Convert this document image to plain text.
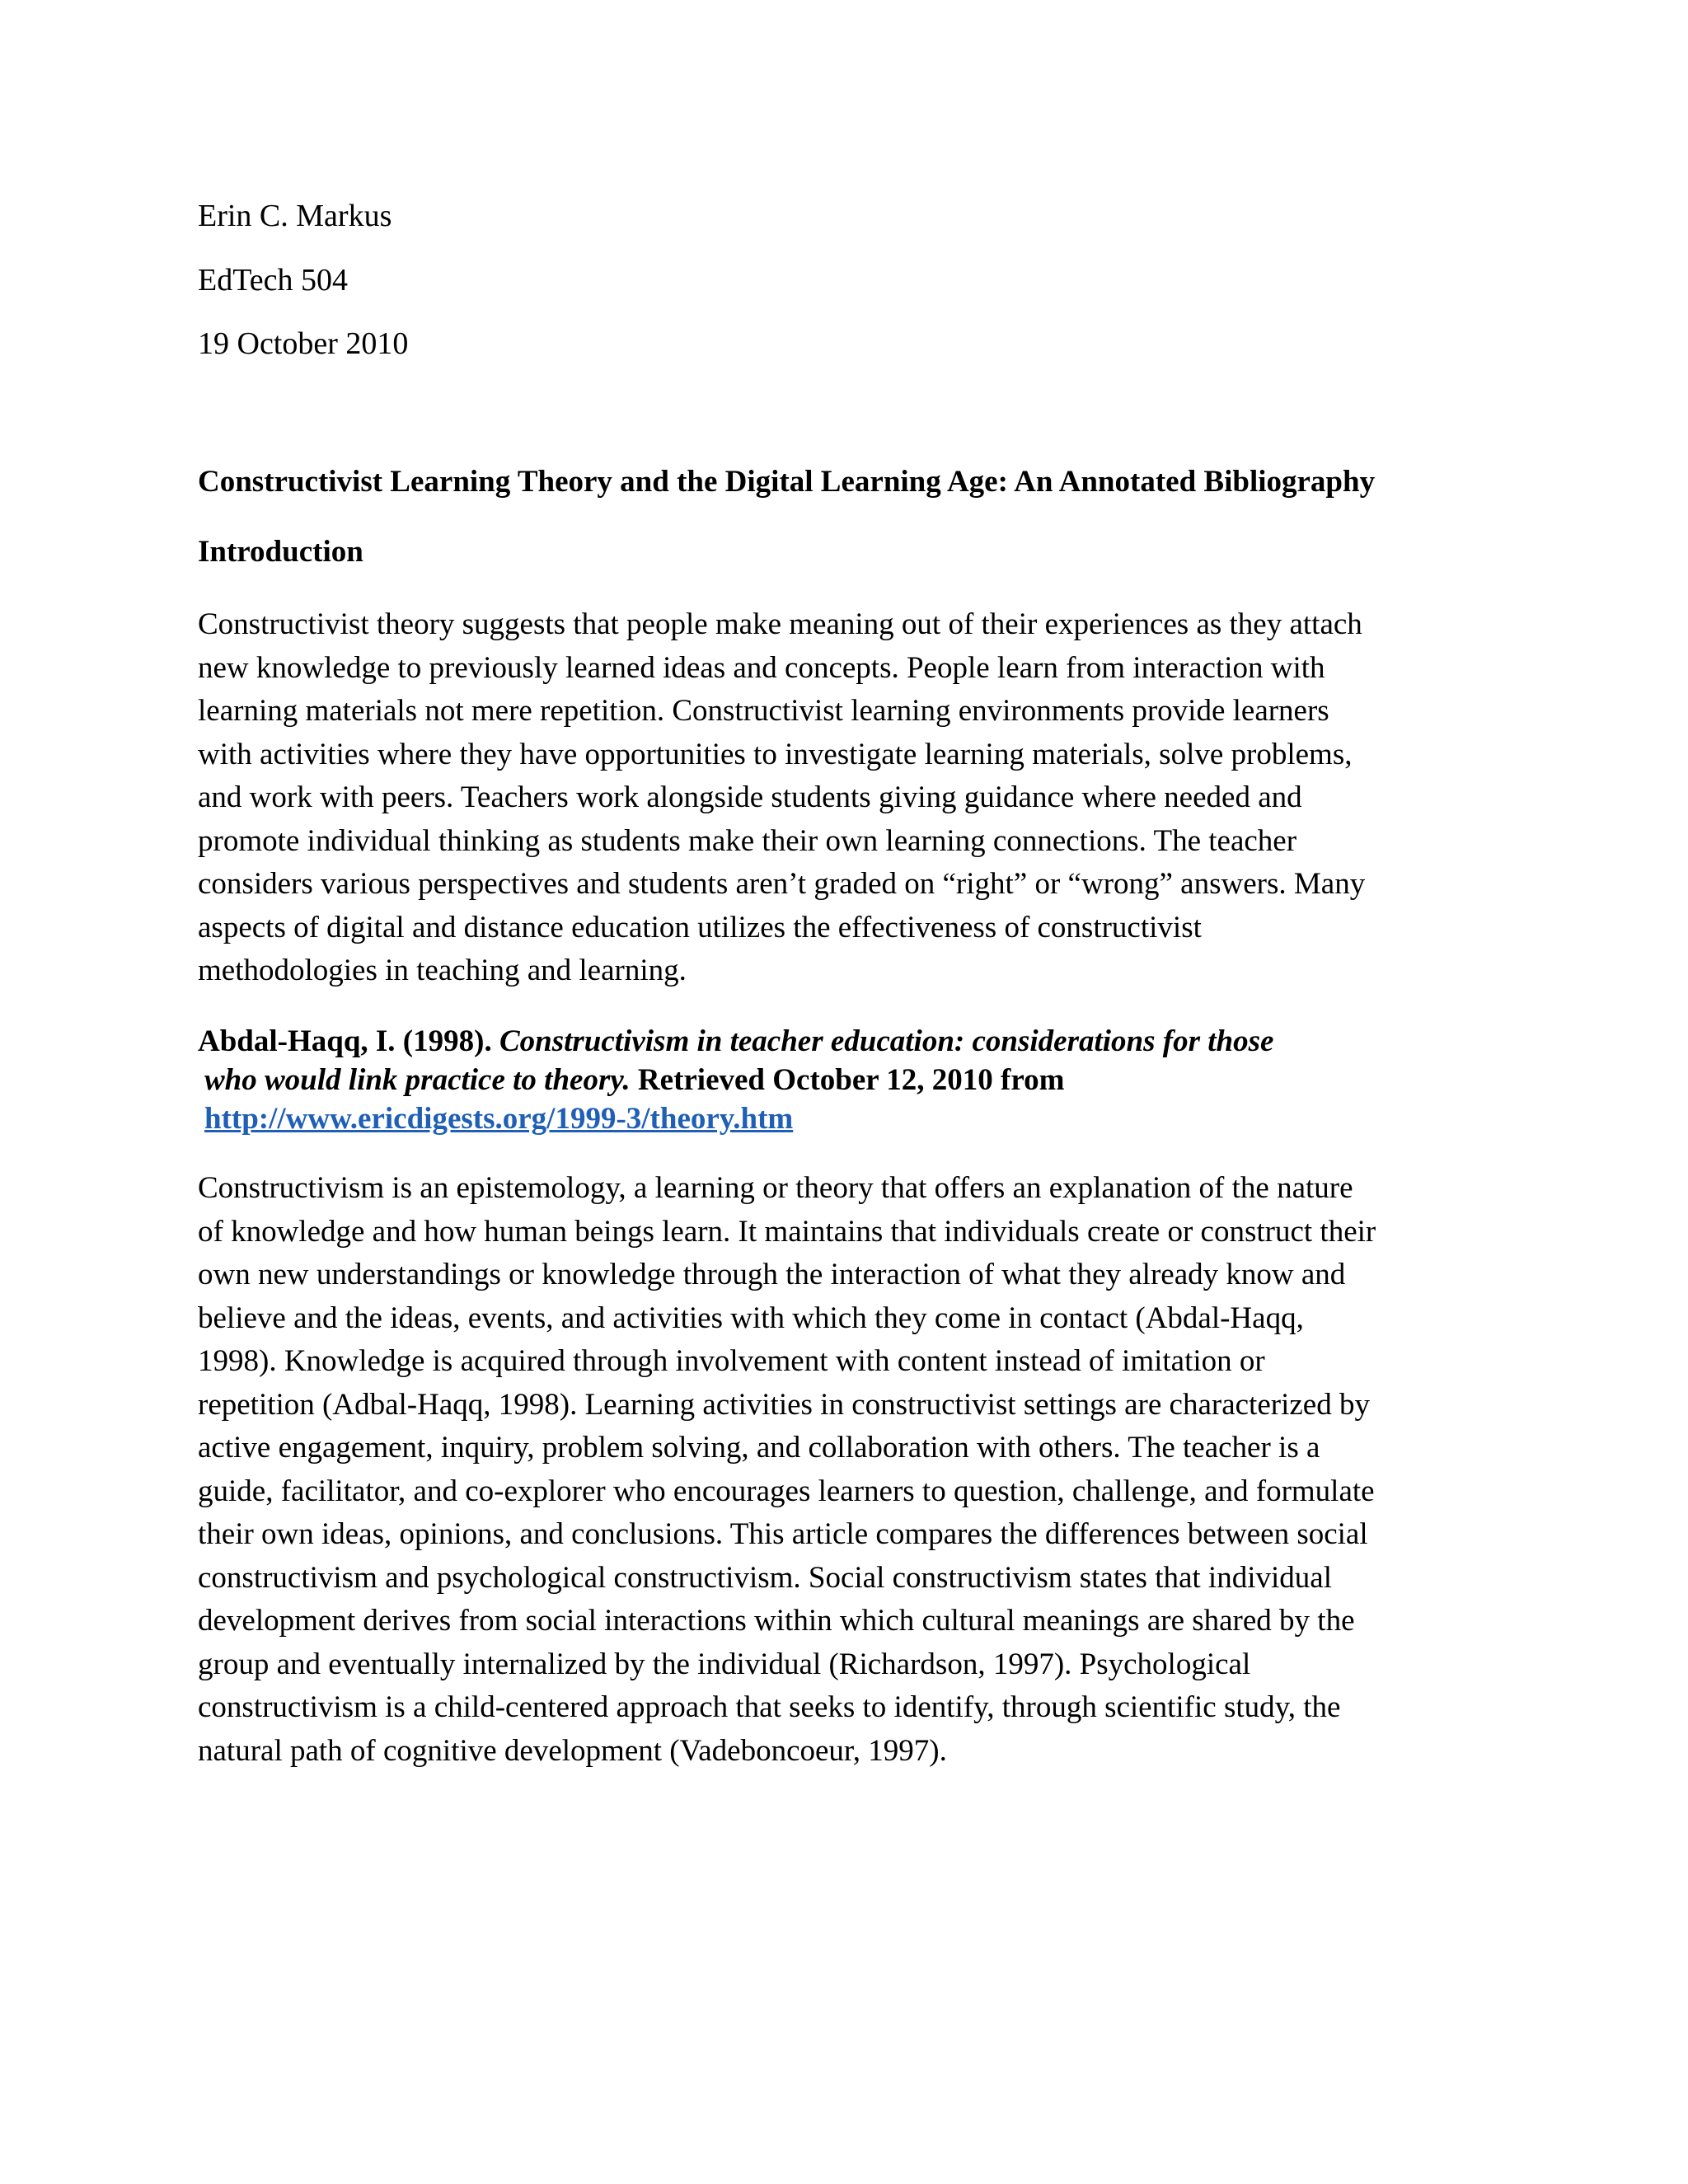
Erin C. Markus
EdTech 504
19 October 2010
Constructivist Learning Theory and the Digital Learning Age: An Annotated Bibliography
Introduction
Constructivist theory suggests that people make meaning out of their experiences as they attach
new knowledge to previously learned ideas and concepts. People learn from interaction with
learning materials not mere repetition. Constructivist learning environments provide learners
with activities where they have opportunities to investigate learning materials, solve problems,
and work with peers. Teachers work alongside students giving guidance where needed and
promote individual thinking as students make their own learning connections. The teacher
considers various perspectives and students aren’t graded on “right” or “wrong” answers. Many
aspects of digital and distance education utilizes the effectiveness of constructivist
methodologies in teaching and learning.
Abdal-Haqq, I. (1998). Constructivism in teacher education: considerations for those
who would link practice to theory. Retrieved October 12, 2010 from
http://www.ericdigests.org/1999-3/theory.htm
Constructivism is an epistemology, a learning or theory that offers an explanation of the nature
of knowledge and how human beings learn. It maintains that individuals create or construct their
own new understandings or knowledge through the interaction of what they already know and
believe and the ideas, events, and activities with which they come in contact (Abdal-Haqq,
1998). Knowledge is acquired through involvement with content instead of imitation or
repetition (Adbal-Haqq, 1998). Learning activities in constructivist settings are characterized by
active engagement, inquiry, problem solving, and collaboration with others. The teacher is a
guide, facilitator, and co-explorer who encourages learners to question, challenge, and formulate
their own ideas, opinions, and conclusions. This article compares the differences between social
constructivism and psychological constructivism. Social constructivism states that individual
development derives from social interactions within which cultural meanings are shared by the
group and eventually internalized by the individual (Richardson, 1997). Psychological
constructivism is a child-centered approach that seeks to identify, through scientific study, the
natural path of cognitive development (Vadeboncoeur, 1997).
